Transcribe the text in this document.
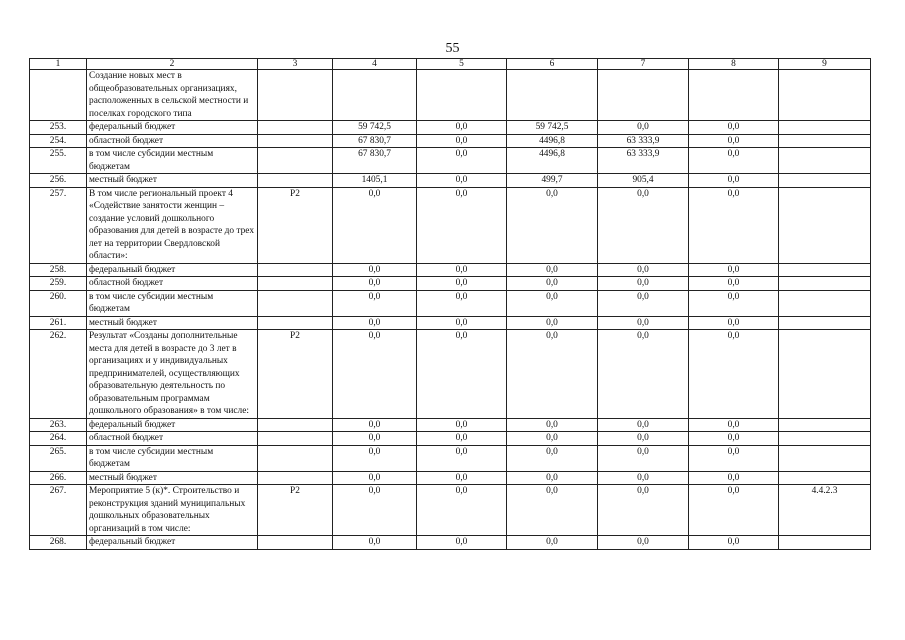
55
1	2	3	4	5	6	7	8	9
	Создание новых мест в общеобразовательных организациях, расположенных в сельской местности и поселках городского типа							
253.	федеральный бюджет		59 742,5	0,0	59 742,5	0,0	0,0	
254.	областной бюджет		67 830,7	0,0	4496,8	63 333,9	0,0	
255.	в том числе субсидии местным бюджетам		67 830,7	0,0	4496,8	63 333,9	0,0	
256.	местный бюджет		1405,1	0,0	499,7	905,4	0,0	
257.	В том числе региональный проект 4 «Содействие занятости женщин – создание условий дошкольного образования для детей в возрасте до трех лет на территории Свердловской области»:	Р2	0,0	0,0	0,0	0,0	0,0	
258.	федеральный бюджет		0,0	0,0	0,0	0,0	0,0	
259.	областной бюджет		0,0	0,0	0,0	0,0	0,0	
260.	в том числе субсидии местным бюджетам		0,0	0,0	0,0	0,0	0,0	
261.	местный бюджет		0,0	0,0	0,0	0,0	0,0	
262.	Результат «Созданы дополнительные места для детей в возрасте до 3 лет в организациях и у индивидуальных предпринимателей, осуществляющих образовательную деятельность по образовательным программам дошкольного образования» в том числе:	Р2	0,0	0,0	0,0	0,0	0,0	
263.	федеральный бюджет		0,0	0,0	0,0	0,0	0,0	
264.	областной бюджет		0,0	0,0	0,0	0,0	0,0	
265.	в том числе субсидии местным бюджетам		0,0	0,0	0,0	0,0	0,0	
266.	местный бюджет		0,0	0,0	0,0	0,0	0,0	
267.	Мероприятие 5 (к)*. Строительство и реконструкция зданий муниципальных дошкольных образовательных организаций в том числе:	Р2	0,0	0,0	0,0	0,0	0,0	4.4.2.3
268.	федеральный бюджет		0,0	0,0	0,0	0,0	0,0	
